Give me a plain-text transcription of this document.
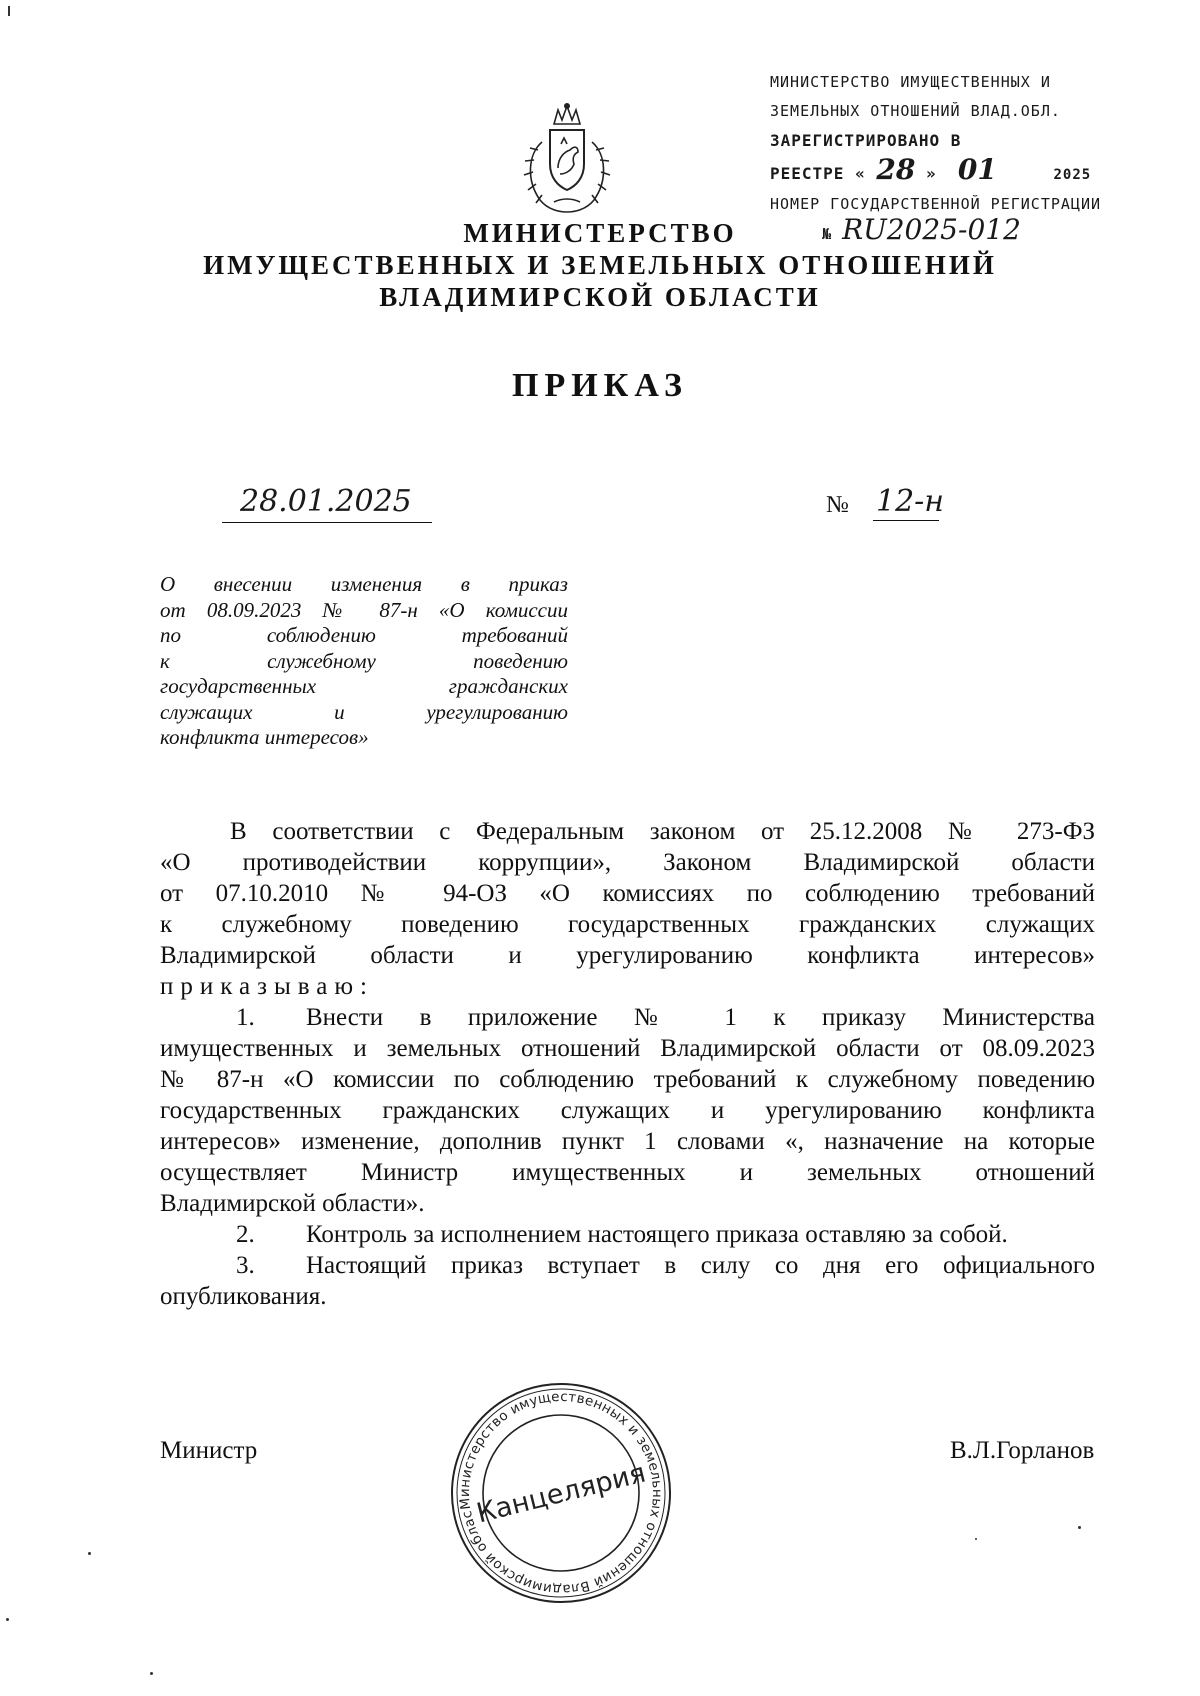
МИНИСТЕРСТВО ИМУЩЕСТВЕННЫХ И
ЗЕМЕЛЬНЫХ ОТНОШЕНИЙ ВЛАД.ОБЛ.
ЗАРЕГИСТРИРОВАНО В
РЕЕСТРЕ « 28 » 01	2025
НОМЕР ГОСУДАРСТВЕННОЙ РЕГИСТРАЦИИ
№ RU2025-012
МИНИСТЕРСТВО
ИМУЩЕСТВЕННЫХ И ЗЕМЕЛЬНЫХ ОТНОШЕНИЙ
ВЛАДИМИРСКОЙ ОБЛАСТИ
ПРИКАЗ
28.01.2025	№ 12-н
О внесении изменения в приказ
от 08.09.2023 № 87-н «О комиссии
по соблюдению требований
к служебному поведению
государственных гражданских
служащих и урегулированию
конфликта интересов»
В соответствии с Федеральным законом от 25.12.2008 № 273-ФЗ
«О противодействии коррупции», Законом Владимирской области
от 07.10.2010 № 94-ОЗ «О комиссиях по соблюдению требований
к служебному поведению государственных гражданских служащих
Владимирской области и урегулированию конфликта интересов»
приказываю:
1. Внести в приложение № 1 к приказу Министерства
имущественных и земельных отношений Владимирской области от 08.09.2023
№ 87-н «О комиссии по соблюдению требований к служебному поведению
государственных гражданских служащих и урегулированию конфликта
интересов» изменение, дополнив пункт 1 словами «, назначение на которые
осуществляет Министр имущественных и земельных отношений
Владимирской области».
2. Контроль за исполнением настоящего приказа оставляю за собой.
3. Настоящий приказ вступает в силу со дня его официального
опубликования.
Министр	В.Л.Горланов
Министерство имущественных и земельных отношений Владимирской области
Канцелярия
